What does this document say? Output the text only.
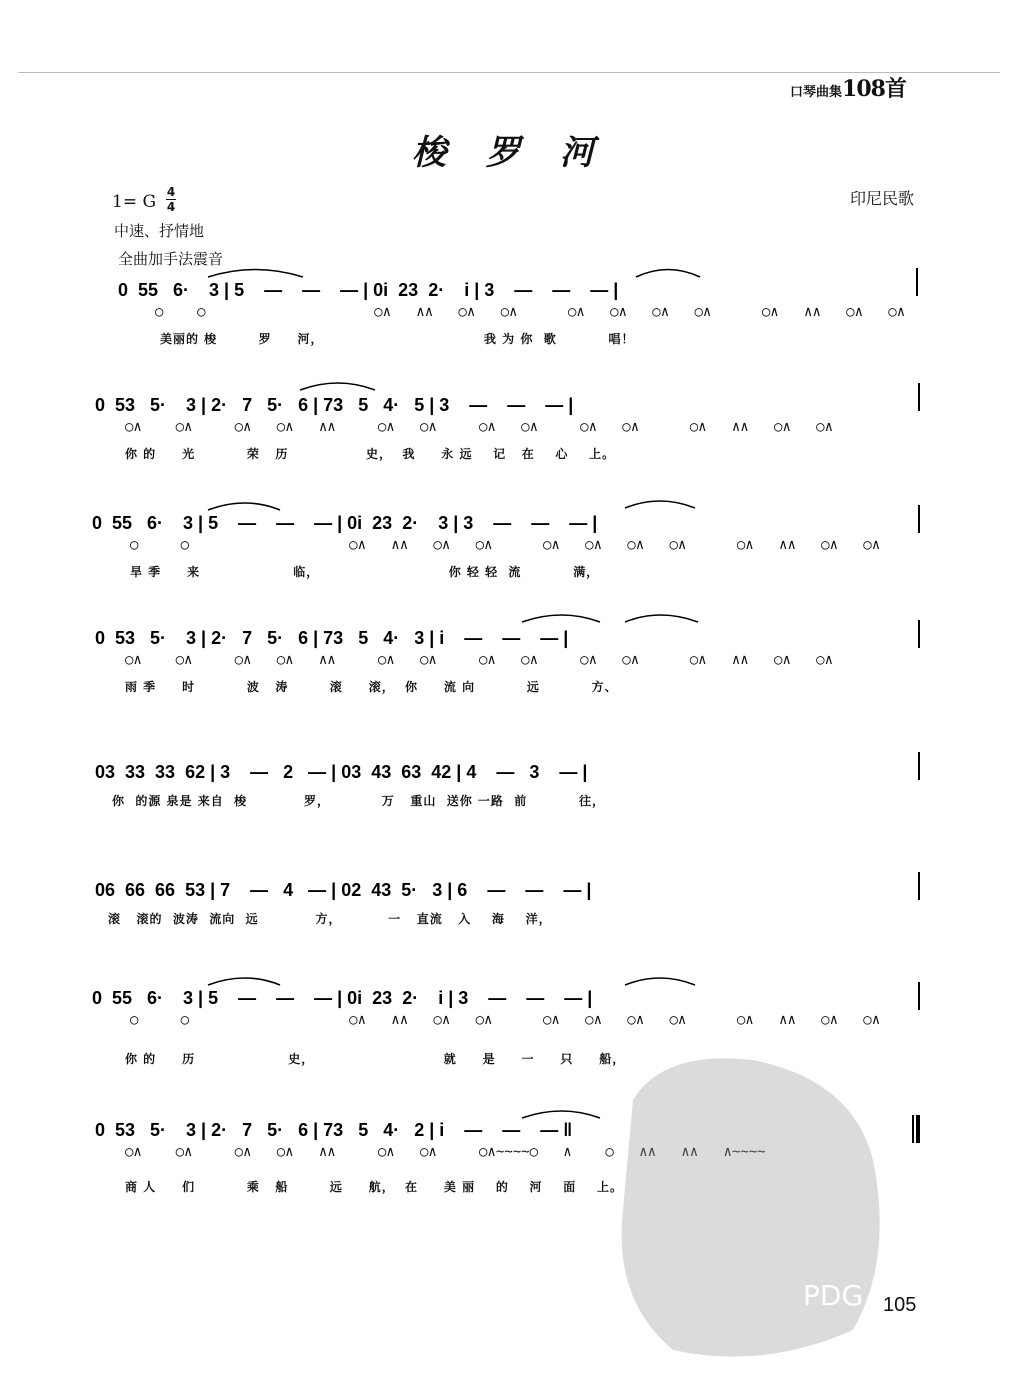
口琴曲集108首
梭 罗 河
1= G 4
4
中速、抒情地
全曲加手法震音
印尼民歌
0  55   6·    3 | 5    —    —    — | 0i  23  2·    i | 3    —    —    — |
○    ○                    ○∧   ∧∧   ○∧   ○∧      ○∧   ○∧   ○∧   ○∧      ○∧   ∧∧   ○∧   ○∧
美丽的 梭        罗     河，                               我 为 你  歌          唱！
0  53   5·    3 | 2·   7   5·   6 | 73   5   4·   5 | 3    —    —    — |
○∧    ○∧     ○∧   ○∧   ∧∧     ○∧   ○∧     ○∧   ○∧     ○∧   ○∧      ○∧   ∧∧   ○∧   ○∧
你 的     光          荣   历               史，  我     永 远    记   在    心    上。
0  55   6·    3 | 5    —    —    — | 0i  23  2·    3 | 3    —    —    — |
○     ○                   ○∧   ∧∧   ○∧   ○∧      ○∧   ○∧   ○∧   ○∧      ○∧   ∧∧   ○∧   ○∧
旱 季     来                  临，                         你 轻 轻  流          满，
0  53   5·    3 | 2·   7   5·   6 | 73   5   4·   3 | i    —    —    — |
○∧    ○∧     ○∧   ○∧   ∧∧     ○∧   ○∧     ○∧   ○∧     ○∧   ○∧      ○∧   ∧∧   ○∧   ○∧
雨 季     时          波   涛        滚     滚，  你     流 向          远          方、
03  33  33  62 | 3    —   2   — | 03  43  63  42 | 4    —   3    — |
你  的源 泉是 来自  梭           罗，          万   重山  送你 一路  前          往，
06  66  66  53 | 7    —   4   — | 02  43  5·   3 | 6    —    —    — |
滚   滚的  波涛  流向  远           方，         一   直流   入    海    洋，
0  55   6·    3 | 5    —    —    — | 0i  23  2·    i | 3    —    —    — |
○     ○                   ○∧   ∧∧   ○∧   ○∧      ○∧   ○∧   ○∧   ○∧      ○∧   ∧∧   ○∧   ○∧
你 的     历                  史，                         就     是     一     只     船，
0  53   5·    3 | 2·   7   5·   6 | 73   5   4·   2 | i    —    —    — ‖
○∧    ○∧     ○∧   ○∧   ∧∧     ○∧   ○∧     ○∧~~~~○   ∧    ○   ∧∧   ∧∧   ∧~~~~
商 人     们          乘   船        远     航，  在     美 丽    的    河    面    上。
PDG 105
